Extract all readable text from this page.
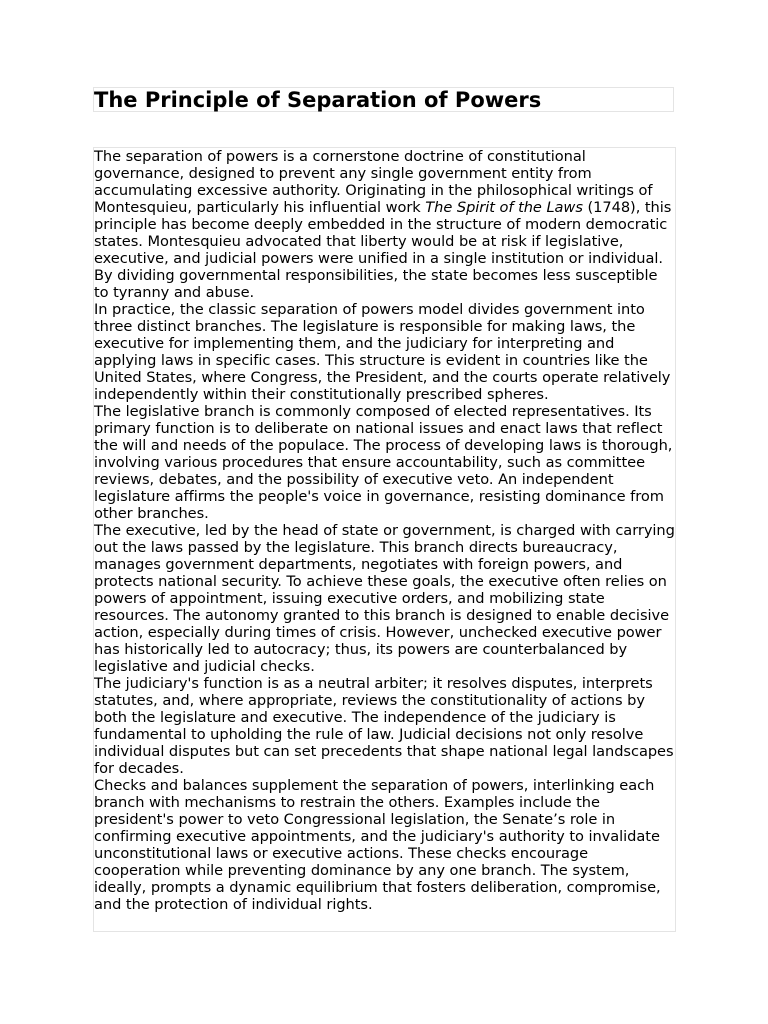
The Principle of Separation of Powers

The separation of powers is a cornerstone doctrine of constitutional governance, designed to prevent any single government entity from accumulating excessive authority. Originating in the philosophical writings of Montesquieu, particularly his influential work The Spirit of the Laws (1748), this principle has become deeply embedded in the structure of modern democratic states. Montesquieu advocated that liberty would be at risk if legislative, executive, and judicial powers were unified in a single institution or individual. By dividing governmental responsibilities, the state becomes less susceptible to tyranny and abuse.

In practice, the classic separation of powers model divides government into three distinct branches. The legislature is responsible for making laws, the executive for implementing them, and the judiciary for interpreting and applying laws in specific cases. This structure is evident in countries like the United States, where Congress, the President, and the courts operate relatively independently within their constitutionally prescribed spheres.

The legislative branch is commonly composed of elected representatives. Its primary function is to deliberate on national issues and enact laws that reflect the will and needs of the populace. The process of developing laws is thorough, involving various procedures that ensure accountability, such as committee reviews, debates, and the possibility of executive veto. An independent legislature affirms the people's voice in governance, resisting dominance from other branches.

The executive, led by the head of state or government, is charged with carrying out the laws passed by the legislature. This branch directs bureaucracy, manages government departments, negotiates with foreign powers, and protects national security. To achieve these goals, the executive often relies on powers of appointment, issuing executive orders, and mobilizing state resources. The autonomy granted to this branch is designed to enable decisive action, especially during times of crisis. However, unchecked executive power has historically led to autocracy; thus, its powers are counterbalanced by legislative and judicial checks.

The judiciary's function is as a neutral arbiter; it resolves disputes, interprets statutes, and, where appropriate, reviews the constitutionality of actions by both the legislature and executive. The independence of the judiciary is fundamental to upholding the rule of law. Judicial decisions not only resolve individual disputes but can set precedents that shape national legal landscapes for decades.

Checks and balances supplement the separation of powers, interlinking each branch with mechanisms to restrain the others. Examples include the president's power to veto Congressional legislation, the Senate’s role in confirming executive appointments, and the judiciary's authority to invalidate unconstitutional laws or executive actions. These checks encourage cooperation while preventing dominance by any one branch. The system, ideally, prompts a dynamic equilibrium that fosters deliberation, compromise, and the protection of individual rights.
